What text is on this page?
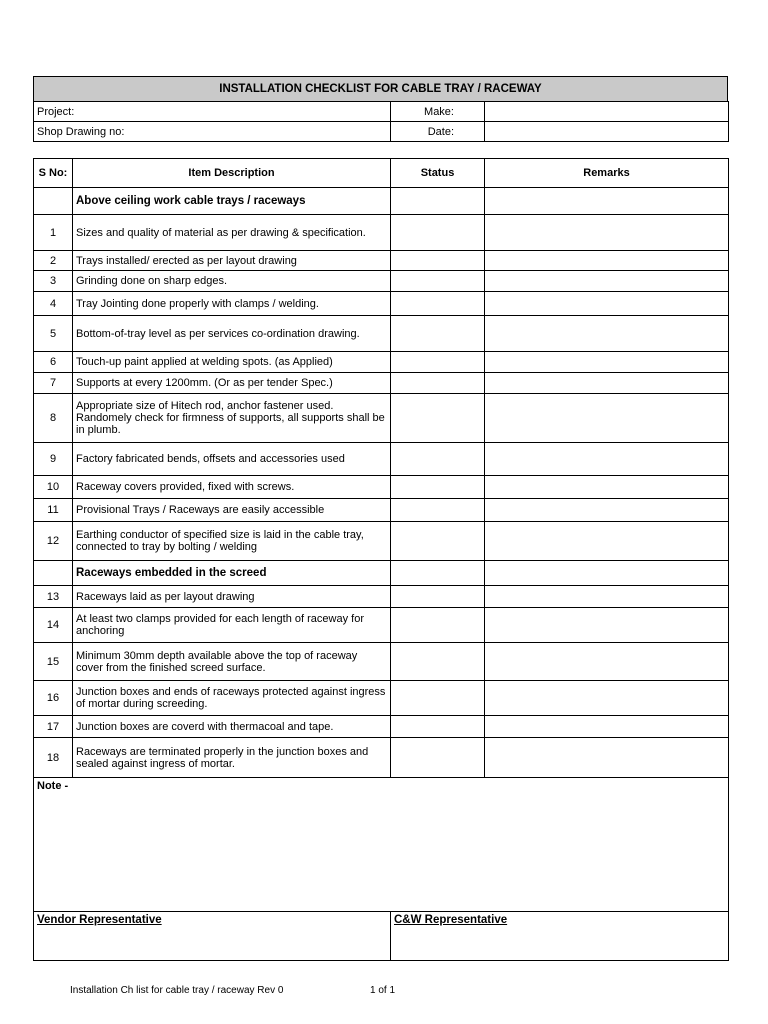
INSTALLATION CHECKLIST FOR CABLE TRAY / RACEWAY
Project:	Make:	
Shop Drawing no:	Date:	
S No:	Item Description	Status	Remarks
	Above ceiling work cable trays / raceways		
1	Sizes and quality of material as per drawing & specification.		
2	Trays installed/ erected as per layout drawing		
3	Grinding done on sharp edges.		
4	Tray Jointing done properly with clamps / welding.		
5	Bottom-of-tray level as per services co-ordination drawing.		
6	Touch-up paint applied at welding spots. (as Applied)		
7	Supports at every 1200mm. (Or as per tender Spec.)		
8	Appropriate size of Hitech rod, anchor fastener used. Randomely check for firmness of supports, all supports shall be in plumb.		
9	Factory fabricated bends, offsets and accessories used		
10	Raceway covers provided, fixed with screws.		
11	Provisional Trays / Raceways are easily accessible		
12	Earthing conductor of specified size is laid in the cable tray, connected to tray by bolting / welding		
	Raceways embedded in the screed		
13	Raceways laid as per layout drawing		
14	At least two clamps provided for each length of raceway for anchoring		
15	Minimum 30mm depth available above the top of raceway cover from the finished screed surface.		
16	Junction boxes and ends of raceways protected against ingress of mortar during screeding.		
17	Junction boxes are coverd with thermacoal and tape.		
18	Raceways are terminated properly in the junction boxes and sealed against ingress of mortar.		
Note -			
Vendor Representative		C&W Representative	
Installation Ch list for cable tray / raceway Rev 0	1 of 1
